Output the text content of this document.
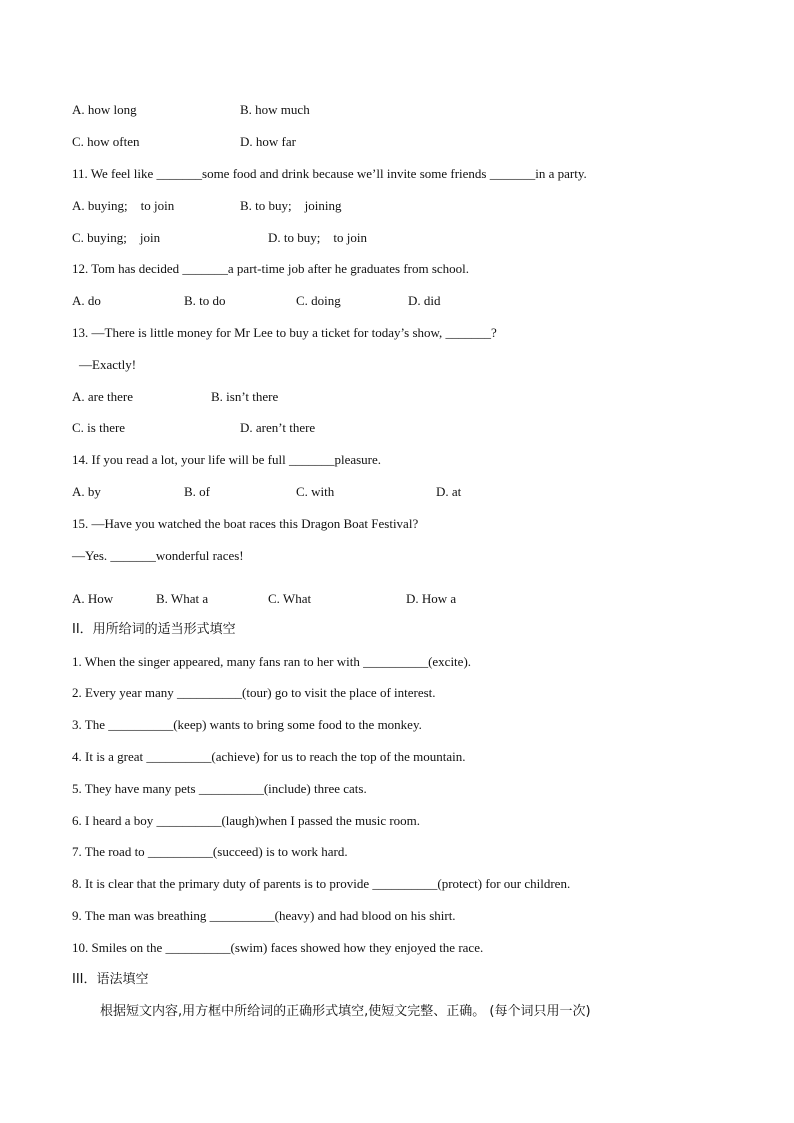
A. how long	B. how much
C. how often	D. how far
11. We feel like _______some food and drink because we’ll invite some friends _______in a party.
A. buying;    to join	B. to buy;    joining
C. buying;    join	D. to buy;    to join
12. Tom has decided _______a part-time job after he graduates from school.
A. do	B. to do	C. doing	D. did
13. —There is little money for Mr Lee to buy a ticket for today’s show, _______?
—Exactly!
A. are there	B. isn’t there
C. is there	D. aren’t there
14. If you read a lot, your life will be full _______pleasure.
A. by	B. of	C. with	D. at
15. —Have you watched the boat races this Dragon Boat Festival?
—Yes. _______wonderful races!
A. How	B. What a	C. What	D. How a
II．用所给词的适当形式填空
1. When the singer appeared, many fans ran to her with __________(excite).
2. Every year many __________(tour) go to visit the place of interest.
3. The __________(keep) wants to bring some food to the monkey.
4. It is a great __________(achieve) for us to reach the top of the mountain.
5. They have many pets __________(include) three cats.
6. I heard a boy __________(laugh)when I passed the music room.
7. The road to __________(succeed) is to work hard.
8. It is clear that the primary duty of parents is to provide __________(protect) for our children.
9. The man was breathing __________(heavy) and had blood on his shirt.
10. Smiles on the __________(swim) faces showed how they enjoyed the race.
III．语法填空
根据短文内容,用方框中所给词的正确形式填空,使短文完整、正确。 (每个词只用一次)
